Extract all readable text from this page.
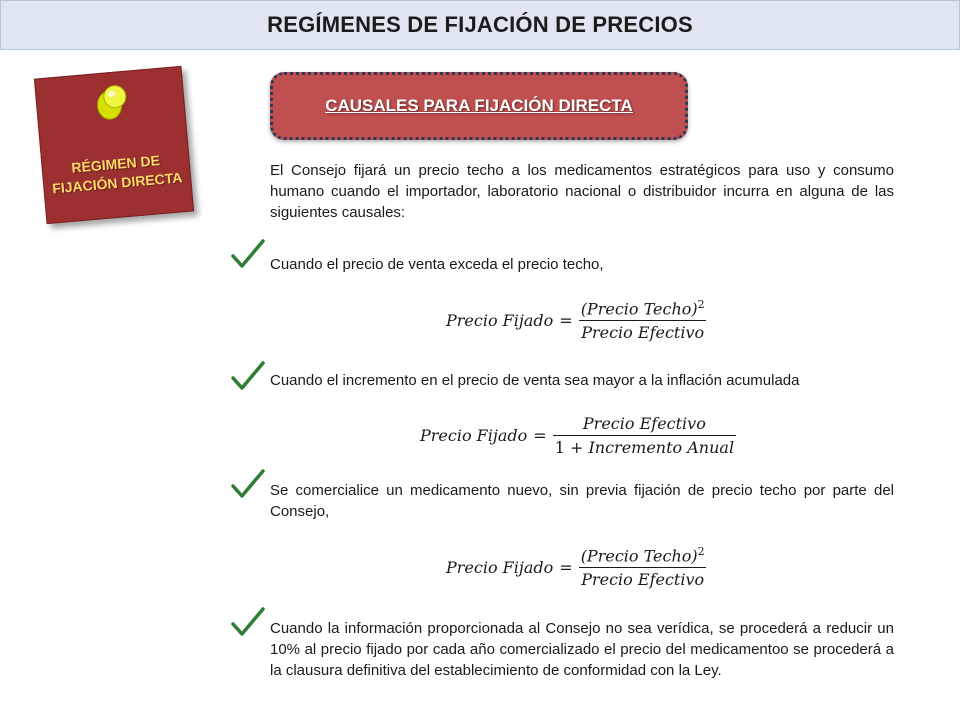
REGÍMENES DE FIJACIÓN DE PRECIOS
RÉGIMEN DE
FIJACIÓN DIRECTA
CAUSALES PARA FIJACIÓN DIRECTA
El Consejo fijará un precio techo a los medicamentos estratégicos para uso y consumo humano cuando el importador, laboratorio nacional o distribuidor incurra en alguna de las siguientes causales:
Cuando el precio de venta exceda el precio techo,
Precio Fijado = $\frac{(Precio Techo)^2}{\text{Precio Efectivo}}$
Cuando el incremento en el precio de venta sea mayor a la inflación acumulada
Precio Fijado = $\frac{\text{Precio Efectivo}}{\text{1 + Incremento Anual}}$
Se comercialice un medicamento nuevo, sin previa fijación de precio techo por parte del Consejo,
Precio Fijado = $\frac{(Precio Techo)^2}{\text{Precio Efectivo}}$
Cuando la información proporcionada al Consejo no sea verídica, se procederá a reducir un 10% al precio fijado por cada año comercializado el precio del medicamentoo se procederá a la clausura definitiva del establecimiento de conformidad con la Ley.
